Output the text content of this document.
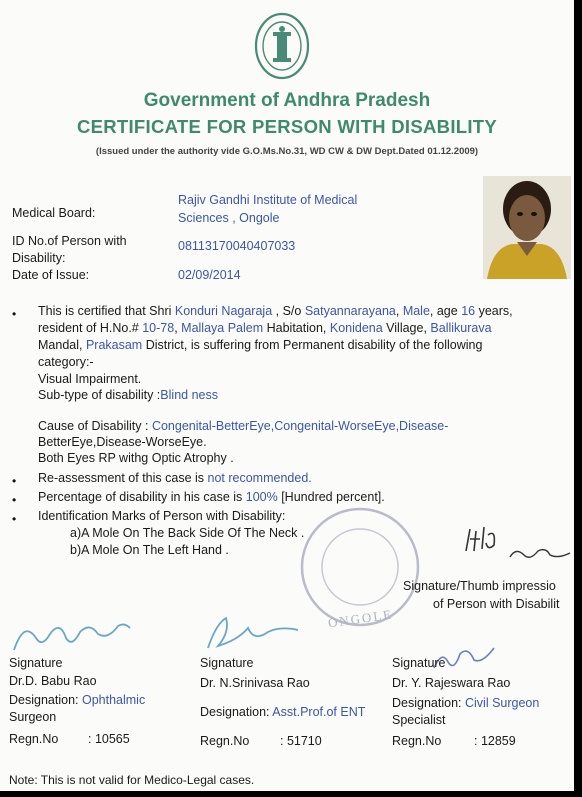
Government of Andhra Pradesh
CERTIFICATE FOR PERSON WITH DISABILITY
(Issued under the authority vide G.O.Ms.No.31, WD CW & DW Dept.Dated 01.12.2009)
Medical Board:
Rajiv Gandhi Institute of Medical
Sciences , Ongole
ID No.of Person with
Disability:
08113170040407033
Date of Issue:	02/09/2014
• This is certified that Shri Konduri Nagaraja , S/o Satyannarayana, Male, age 16 years,
resident of H.No.# 10-78, Mallaya Palem Habitation, Konidena Village, Ballikurava
Mandal, Prakasam District, is suffering from Permanent disability of the following
category:-
Visual Impairment.
Sub-type of disability :Blind ness
Cause of Disability : Congenital-BetterEye,Congenital-WorseEye,Disease-
BetterEye,Disease-WorseEye.
Both Eyes RP withg Optic Atrophy .
• Re-assessment of this case is not recommended.
• Percentage of disability in his case is 100% [Hundred percent].
• Identification Marks of Person with Disability:
a)A Mole On The Back Side Of The Neck .
b)A Mole On The Left Hand .
ONGOLE
Signature/Thumb impressio
of Person with Disabilit
Signature
Dr.D. Babu Rao
Designation: Ophthalmic
Surgeon
Regn.No : 10565
Signature
Dr. N.Srinivasa Rao
Designation: Asst.Prof.of ENT
Regn.No : 51710
Signature
Dr. Y. Rajeswara Rao
Designation: Civil Surgeon
Specialist
Regn.No	: 12859
Note: This is not valid for Medico-Legal cases.
